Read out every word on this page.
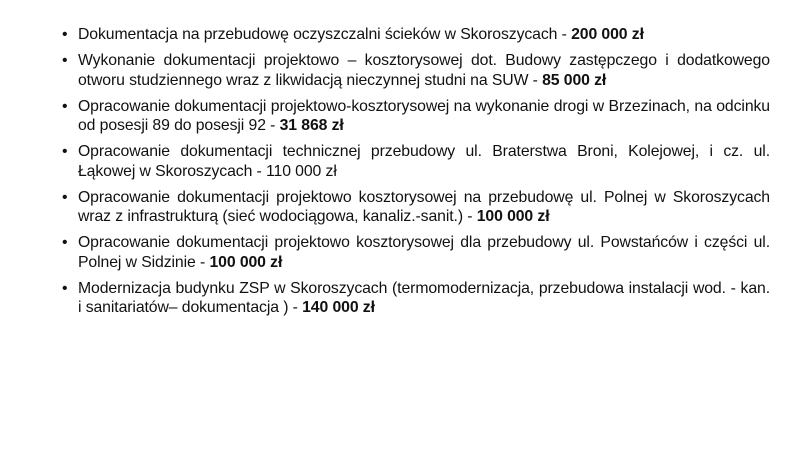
• Dokumentacja na przebudowę oczyszczalni ścieków w Skoroszycach - 200 000 zł
• Wykonanie dokumentacji projektowo – kosztorysowej dot. Budowy zastępczego i dodatkowego otworu studziennego wraz z likwidacją nieczynnej studni na SUW - 85 000 zł
• Opracowanie dokumentacji projektowo-kosztorysowej na wykonanie drogi w Brzezinach, na odcinku od posesji 89 do posesji 92 - 31 868 zł
• Opracowanie dokumentacji technicznej przebudowy ul. Braterstwa Broni, Kolejowej, i cz. ul. Łąkowej w Skoroszycach - 110 000 zł
• Opracowanie dokumentacji projektowo kosztorysowej na przebudowę ul. Polnej w Skoroszycach wraz z infrastrukturą (sieć wodociągowa, kanaliz.-sanit.) - 100 000 zł
• Opracowanie dokumentacji projektowo kosztorysowej dla przebudowy ul. Powstańców i części ul. Polnej w Sidzinie - 100 000 zł
• Modernizacja budynku ZSP w Skoroszycach (termomodernizacja, przebudowa instalacji wod. - kan. i sanitariatów– dokumentacja ) - 140 000 zł
